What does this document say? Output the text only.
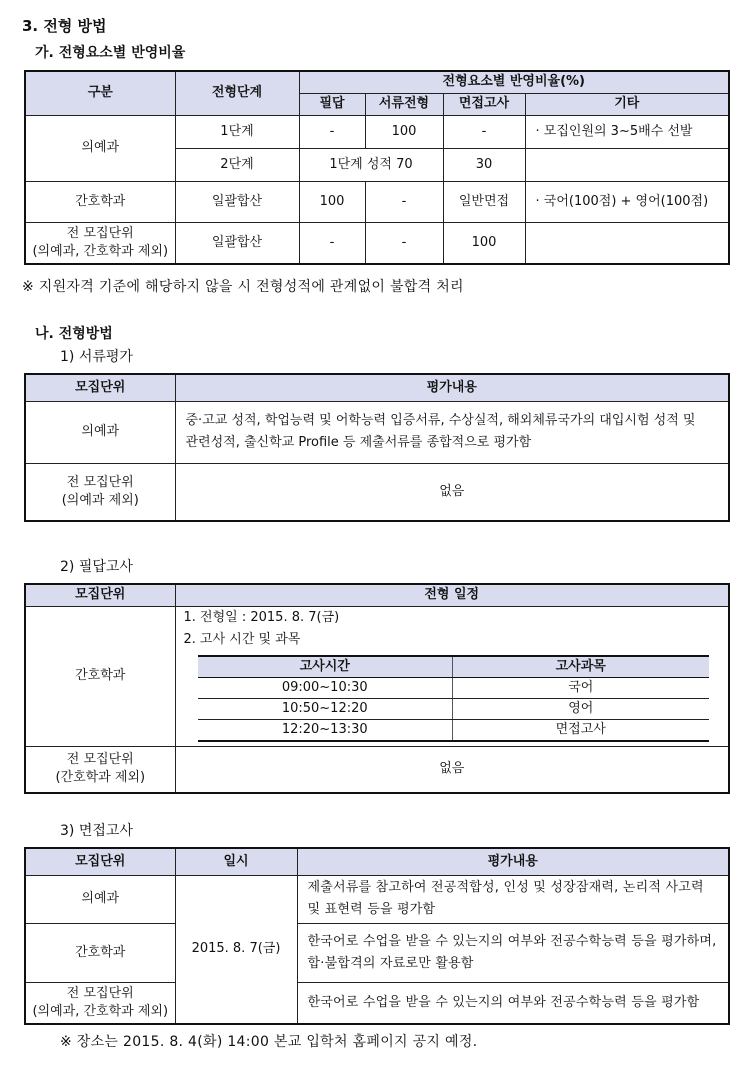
3. 전형 방법
가. 전형요소별 반영비율
구분	전형단계	전형요소별 반영비율(%)			
		필답	서류전형	면접고사	기타
의예과	1단계	-	100	-	· 모집인원의 3~5배수 선발
	2단계	1단계 성적 70		30	
간호학과	일괄합산	100	-	일반면접	· 국어(100점) + 영어(100점)

전 모집단위
(의예과, 간호학과 제외)	일괄합산	-	-	100	
※ 지원자격 기준에 해당하지 않을 시 전형성적에 관계없이 불합격 처리
나. 전형방법
1) 서류평가
모집단위	평가내용
의예과	중·고교 성적, 학업능력 및 어학능력 입증서류, 수상실적, 해외체류국가의 대입시험 성적 및
관련성적, 출신학교 Profile 등 제출서류를 종합적으로 평가함

전 모집단위
(의예과 제외)	없음
2) 필답고사
모집단위	전형 일정
간호학과	
1. 전형일 : 2015. 8. 7(금)
2. 고사 시간 및 과목
고사시간	고사과목
09:00~10:30	국어
10:50~12:20	영어
12:20~13:30	면접고사

전 모집단위
(간호학과 제외)
	없음
3) 면접고사
모집단위	일시	평가내용
의예과	2015. 8. 7(금)	제출서류를 참고하여 전공적합성, 인성 및 성장잠재력, 논리적 사고력
및 표현력 등을 평가함

간호학과		한국어로 수업을 받을 수 있는지의 여부와 전공수학능력 등을 평가하며,
합·불합격의 자료로만 활용함

전 모집단위
(의예과, 간호학과 제외)		한국어로 수업을 받을 수 있는지의 여부와 전공수학능력 등을 평가함
※ 장소는 2015. 8. 4(화) 14:00 본교 입학처 홈페이지 공지 예정.
